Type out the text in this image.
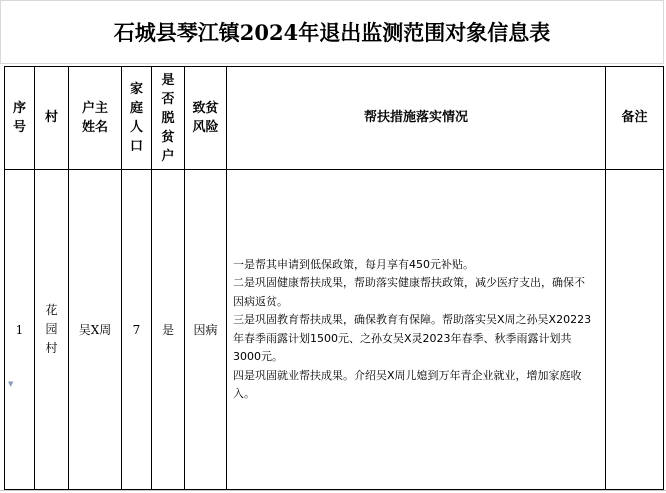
石城县琴江镇2024年退出监测范围对象信息表
序号	村	户主姓名	家庭人口	是否脱贫户	致贫风险	帮扶措施落实情况	备注
1	花园村	吴X周	7	是	因病	一是帮其申请到低保政策，每月享有450元补贴。

二是巩固健康帮扶成果，帮助落实健康帮扶政策，减少医疗支出，确保不因病返贫。

三是巩固教育帮扶成果，确保教育有保障。帮助落实吴X周之孙吴X20223年春季雨露计划1500元、之孙女吴X灵2023年春季、秋季雨露计划共3000元。

四是巩固就业帮扶成果。介绍吴X周儿媳到万年青企业就业，增加家庭收入。	

▼
